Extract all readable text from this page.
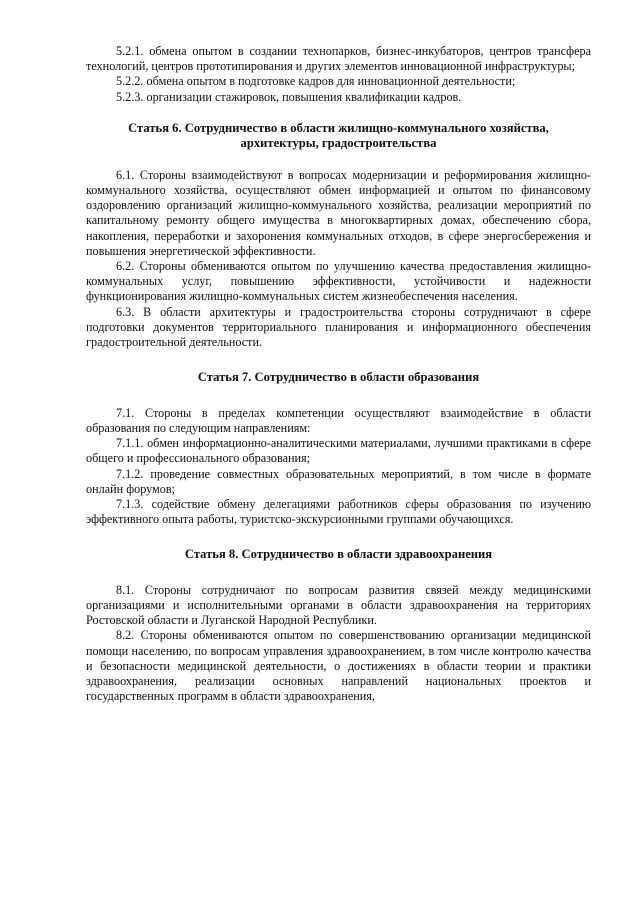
5.2.1. обмена опытом в создании технопарков, бизнес-инкубаторов, центров трансфера технологий, центров прототипирования и других элементов инновационной инфраструктуры;

5.2.2. обмена опытом в подготовке кадров для инновационной деятельности;

5.2.3. организации стажировок, повышения квалификации кадров.

Статья 6. Сотрудничество в области жилищно-коммунального хозяйства,

архитектуры, градостроительства

6.1. Стороны взаимодействуют в вопросах модернизации и реформирования жилищно-коммунального хозяйства, осуществляют обмен информацией и опытом по финансовому оздоровлению организаций жилищно-коммунального хозяйства, реализации мероприятий по капитальному ремонту общего имущества в многоквартирных домах, обеспечению сбора, накопления, переработки и захоронения коммунальных отходов, в сфере энергосбережения и повышения энергетической эффективности.

6.2. Стороны обмениваются опытом по улучшению качества предоставления жилищно-коммунальных услуг, повышению эффективности, устойчивости и надежности функционирования жилищно-коммунальных систем жизнеобеспечения населения.

6.3. В области архитектуры и градостроительства стороны сотрудничают в сфере подготовки документов территориального планирования и информационного обеспечения градостроительной деятельности.

Статья 7. Сотрудничество в области образования

7.1. Стороны в пределах компетенции осуществляют взаимодействие в области образования по следующим направлениям:

7.1.1. обмен информационно-аналитическими материалами, лучшими практиками в сфере общего и профессионального образования;

7.1.2. проведение совместных образовательных мероприятий, в том числе в формате онлайн форумов;

7.1.3. содействие обмену делегациями работников сферы образования по изучению эффективного опыта работы, туристско-экскурсионными группами обучающихся.

Статья 8. Сотрудничество в области здравоохранения

8.1. Стороны сотрудничают по вопросам развития связей между медицинскими организациями и исполнительными органами в области здравоохранения на территориях Ростовской области и Луганской Народной Республики.

8.2. Стороны обмениваются опытом по совершенствованию организации медицинской помощи населению, по вопросам управления здравоохранением, в том числе контролю качества и безопасности медицинской деятельности, о достижениях в области теории и практики здравоохранения, реализации основных направлений национальных проектов и государственных программ в области здравоохранения,
